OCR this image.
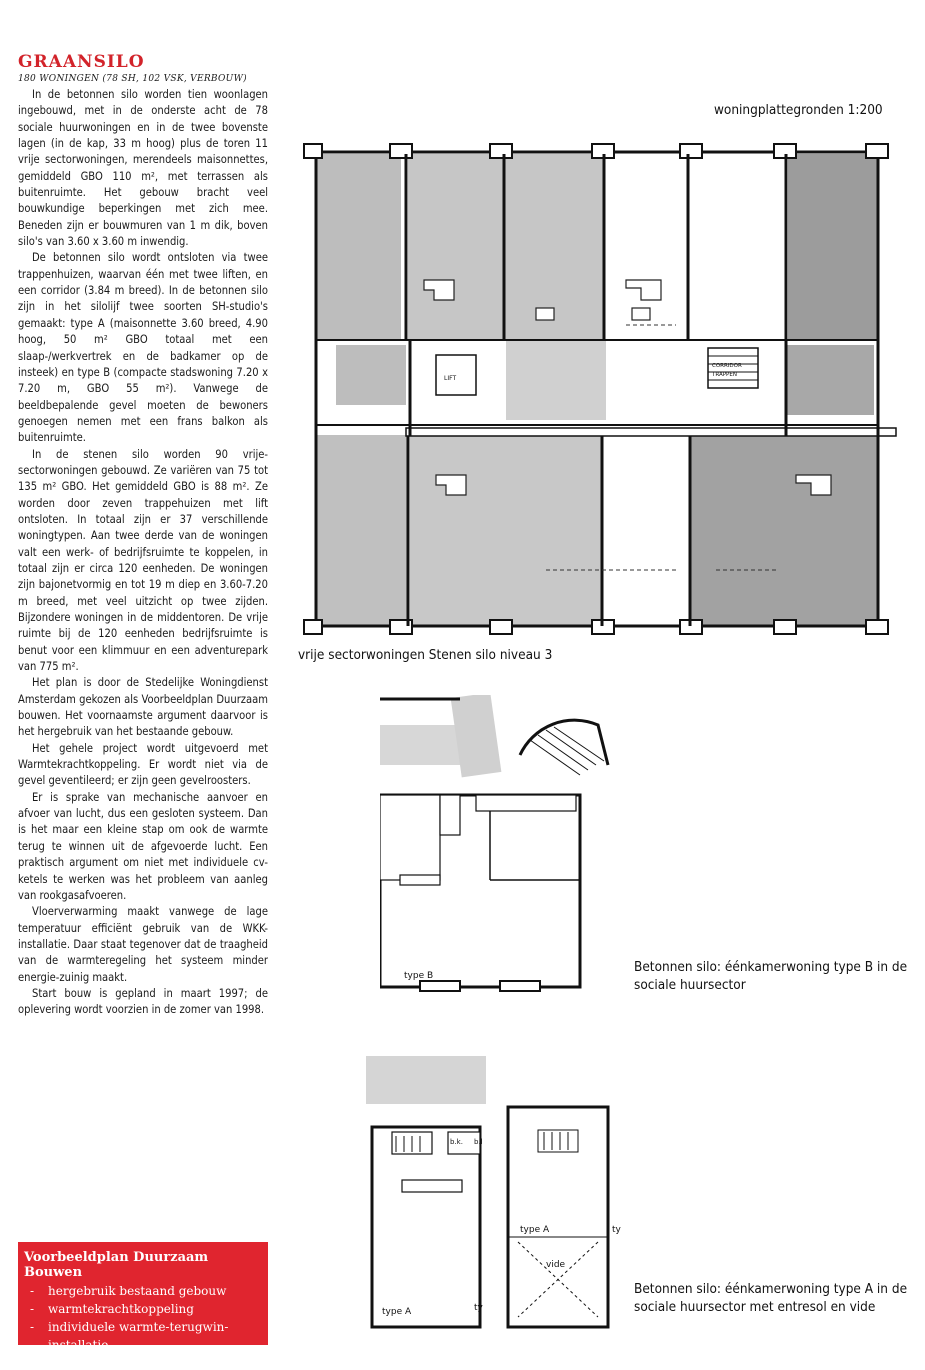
GRAANSILO
180 WONINGEN (78 SH, 102 VSK, VERBOUW)

In de betonnen silo worden tien woonlagen ingebouwd, met in de onderste acht de 78 sociale huurwoningen en in de twee bovenste lagen (in de kap, 33 m hoog) plus de toren 11 vrije sectorwoningen, merendeels maisonnettes, gemiddeld GBO 110 m², met terrassen als buitenruimte. Het gebouw bracht veel bouwkundige beperkingen met zich mee. Beneden zijn er bouwmuren van 1 m dik, boven silo's van 3.60 x 3.60 m inwendig.

De betonnen silo wordt ontsloten via twee trappenhuizen, waarvan één met twee liften, en een corridor (3.84 m breed). In de betonnen silo zijn in het silolijf twee soorten SH-studio's gemaakt: type A (maisonnette 3.60 breed, 4.90 hoog, 50 m² GBO totaal met een slaap-/werkvertrek en de badkamer op de insteek) en type B (compacte stadswoning 7.20 x 7.20 m, GBO 55 m²). Vanwege de beeldbepalende gevel moeten de bewoners genoegen nemen met een frans balkon als buitenruimte.

In de stenen silo worden 90 vrije-sectorwoningen gebouwd. Ze variëren van 75 tot 135 m² GBO. Het gemiddeld GBO is 88 m². Ze worden door zeven trappehuizen met lift ontsloten. In totaal zijn er 37 verschillende woningtypen. Aan twee derde van de woningen valt een werk- of bedrijfsruimte te koppelen, in totaal zijn er circa 120 eenheden. De woningen zijn bajonetvormig en tot 19 m diep en 3.60-7.20 m breed, met veel uitzicht op twee zijden. Bijzondere woningen in de middentoren. De vrije ruimte bij de 120 eenheden bedrijfsruimte is benut voor een klimmuur en een adventurepark van 775 m².

Het plan is door de Stedelijke Woningdienst Amsterdam gekozen als Voorbeeldplan Duurzaam bouwen. Het voornaamste argument daarvoor is het hergebruik van het bestaande gebouw.

Het gehele project wordt uitgevoerd met Warmtekrachtkoppeling. Er wordt niet via de gevel geventileerd; er zijn geen gevelroosters.

Er is sprake van mechanische aanvoer en afvoer van lucht, dus een gesloten systeem. Dan is het maar een kleine stap om ook de warmte terug te winnen uit de afgevoerde lucht. Een praktisch argument om niet met individuele cv-ketels te werken was het probleem van aanleg van rookgasafvoeren.

Vloerverwarming maakt vanwege de lage temperatuur efficiënt gebruik van de WKK-installatie. Daar staat tegenover dat de traagheid van de warmteregeling het systeem minder energie-zuinig maakt.

Start bouw is gepland in maart 1997; de oplevering wordt voorzien in de zomer van 1998.

Voorbeeldplan Duurzaam Bouwen
- hergebruik bestaand gebouw
- warmtekrachtkoppeling
- individuele warmte-terugwin-installatie
woningplattegronden 1:200
LIFT
CORRIDOR
TRAPPEN
vrije sectorwoningen Stenen silo niveau 3
type B
Betonnen silo: éénkamerwoning type B in de sociale huursector
b.k. b.l
type A	ty
type A	ty
vide
Betonnen silo: éénkamerwoning type A in de sociale huursector met entresol en vide
